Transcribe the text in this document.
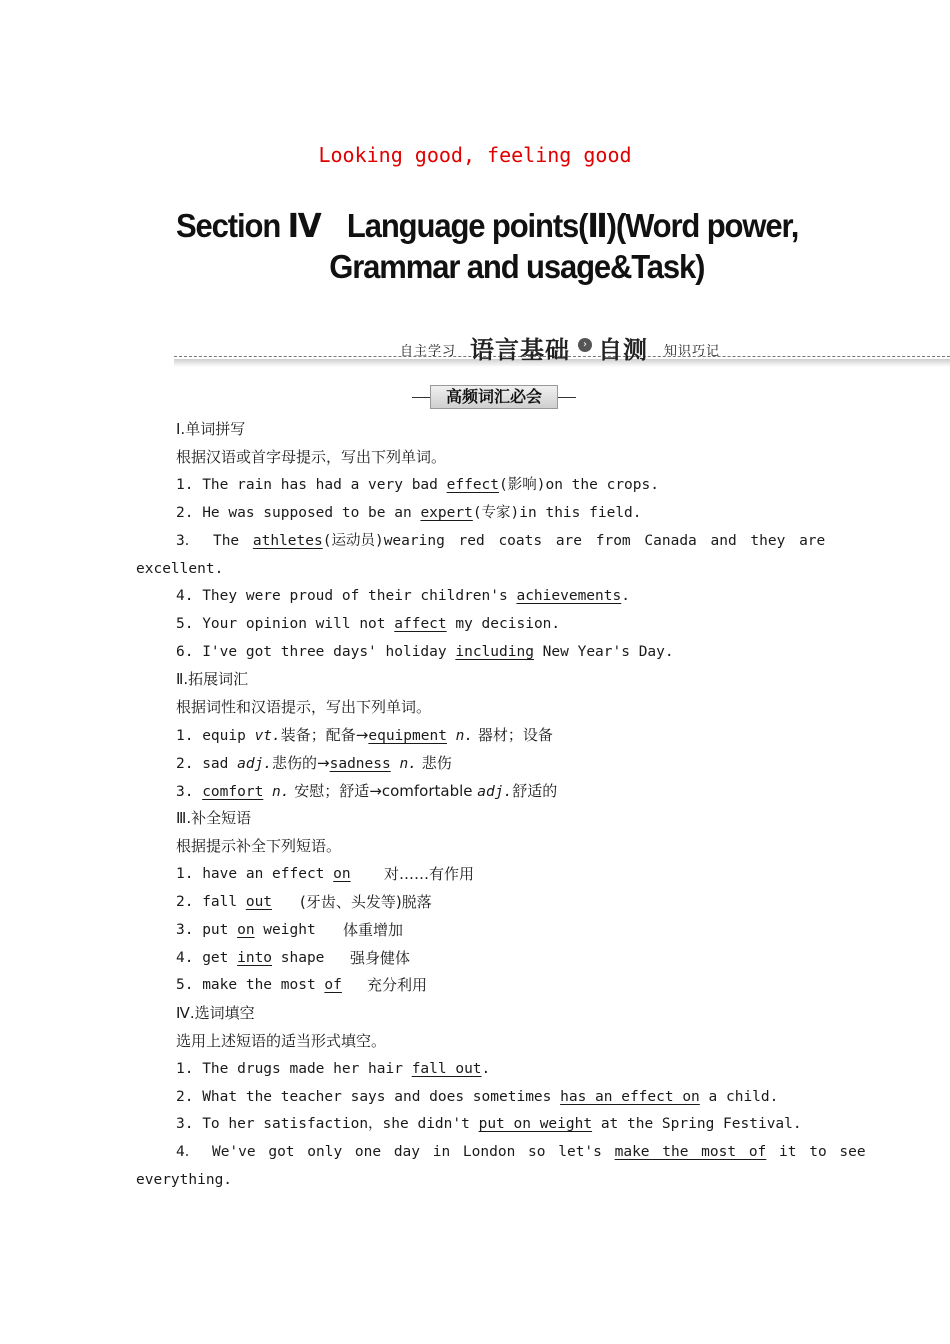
Looking good, feeling good
Section Ⅳ Language points(Ⅱ)(Word power,
Grammar and usage&Task)
自主学习 语言基础	› 自测 知识巧记
高频词汇必会
Ⅰ.单词拼写
根据汉语或首字母提示，写出下列单词。
1. The rain has had a very bad effect(影响)on the crops.
2. He was supposed to be an expert(专家)in this field.
3． The athletes(运动员)wearing red coats are from Canada and they are
excellent.
4. They were proud of their children's achievements.
5. Your opinion will not affect my decision.
6. I've got three days' holiday including New Year's Day.
Ⅱ.拓展词汇
根据词性和汉语提示，写出下列单词。
1. equip vt.装备；配备→equipment n. 器材；设备
2. sad adj.悲伤的→sadness n. 悲伤
3. comfort n. 安慰；舒适→comfortable adj.舒适的
Ⅲ.补全短语
根据提示补全下列短语。
1. have an effect on 对……有作用
2. fall out (牙齿、头发等)脱落
3. put on weight 体重增加
4. get into shape 强身健体
5. make the most of 充分利用
Ⅳ.选词填空
选用上述短语的适当形式填空。
1. The drugs made her hair fall out.
2. What the teacher says and does sometimes has an effect on a child.
3. To her satisfaction，she didn't put on weight at the Spring Festival.
4． We've got only one day in London so let's make the most of it to see
everything.
